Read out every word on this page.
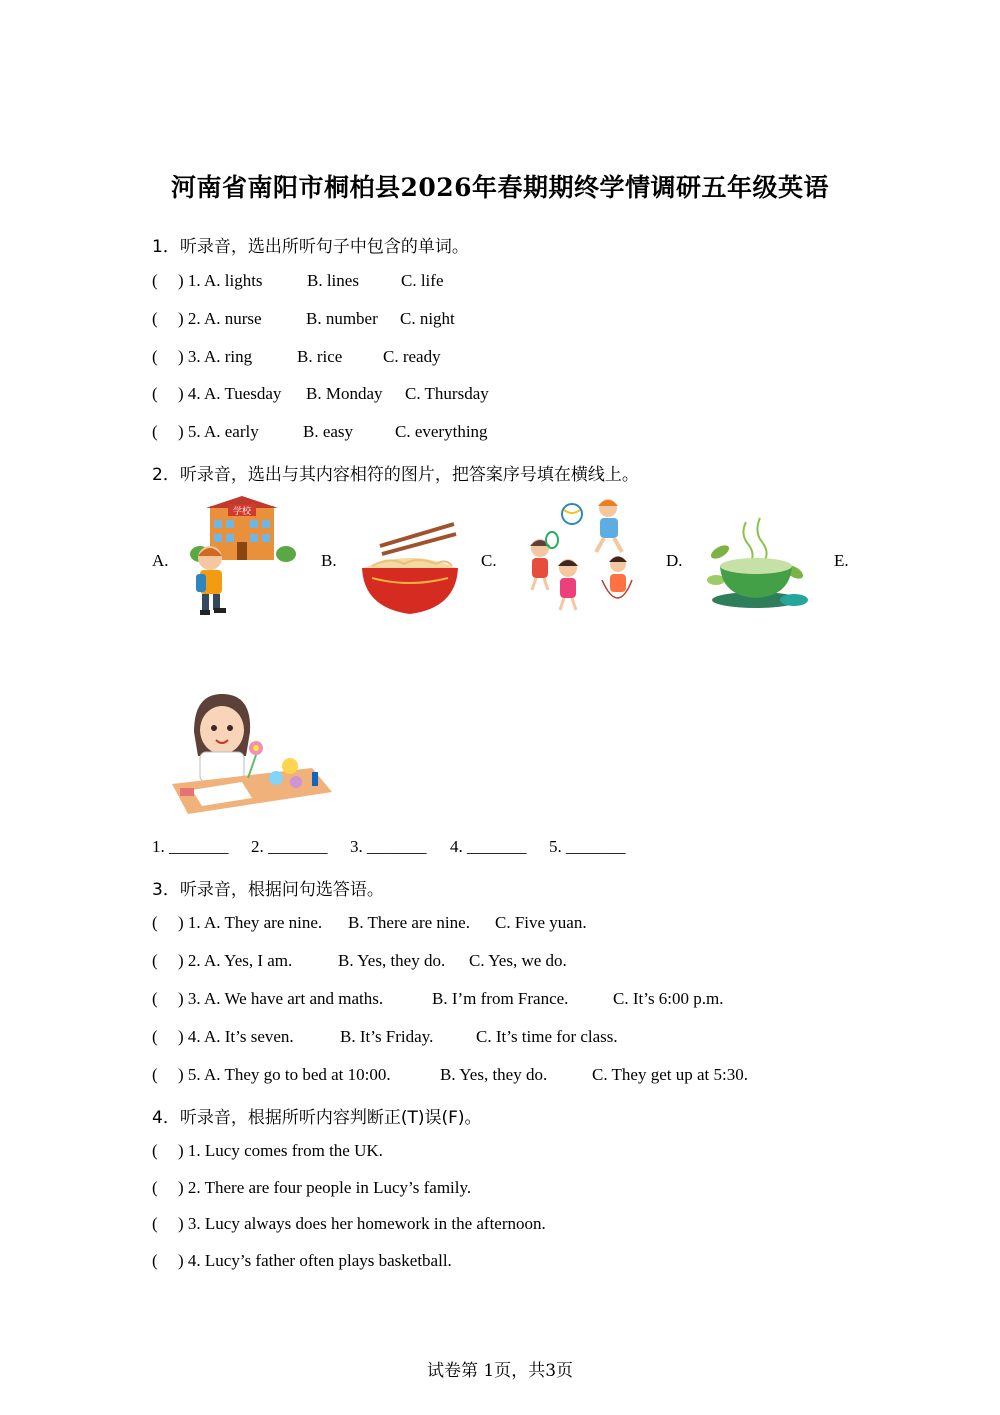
河南省南阳市桐柏县2026年春期期终学情调研五年级英语
1．听录音，选出所听句子中包含的单词。
( ) 1. A. lights	B. lines C. life
( ) 2. A. nurse	B. number C. night
( ) 3. A. ring	B. rice C. ready
( ) 4. A. Tuesday B. Monday C. Thursday
( ) 5. A. early	B. easy C. everything
2．听录音，选出与其内容相符的图片，把答案序号填在横线上。
A.	B.	C.	D.	E.
学校
1. _______ 2. _______ 3. _______ 4. _______ 5. _______
3．听录音，根据问句选答语。
( ) 1. A. They are nine. B. There are nine. C. Five yuan.
( ) 2. A. Yes, I am.	B. Yes, they do. C. Yes, we do.
( ) 3. A. We have art and maths.	B. I’m from France.	C. It’s 6:00 p.m.
( ) 4. A. It’s seven.	B. It’s Friday.	C. It’s time for class.
( ) 5. A. They go to bed at 10:00.	B. Yes, they do.	C. They get up at 5:30.
4．听录音，根据所听内容判断正(T)误(F)。
( ) 1. Lucy comes from the UK.
( ) 2. There are four people in Lucy’s family.
( ) 3. Lucy always does her homework in the afternoon.
( ) 4. Lucy’s father often plays basketball.
试卷第 1页，共3页
